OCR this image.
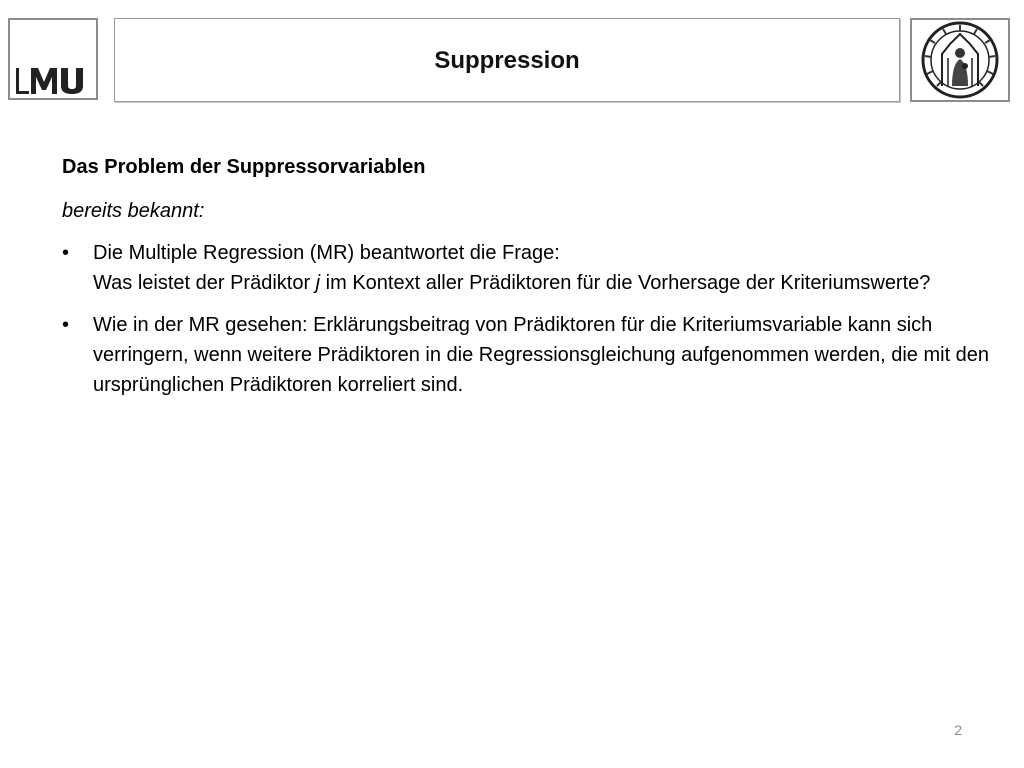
Suppression
Das Problem der Suppressorvariablen
bereits bekannt:
• Die Multiple Regression (MR) beantwortet die Frage:
Was leistet der Prädiktor j im Kontext aller Prädiktoren für die Vorhersage der Kriteriumswerte?
• Wie in der MR gesehen: Erklärungsbeitrag von Prädiktoren für die Kriteriumsvariable kann sich verringern, wenn weitere Prädiktoren in die Regressionsgleichung aufgenommen werden, die mit den ursprünglichen Prädiktoren korreliert sind.
2
